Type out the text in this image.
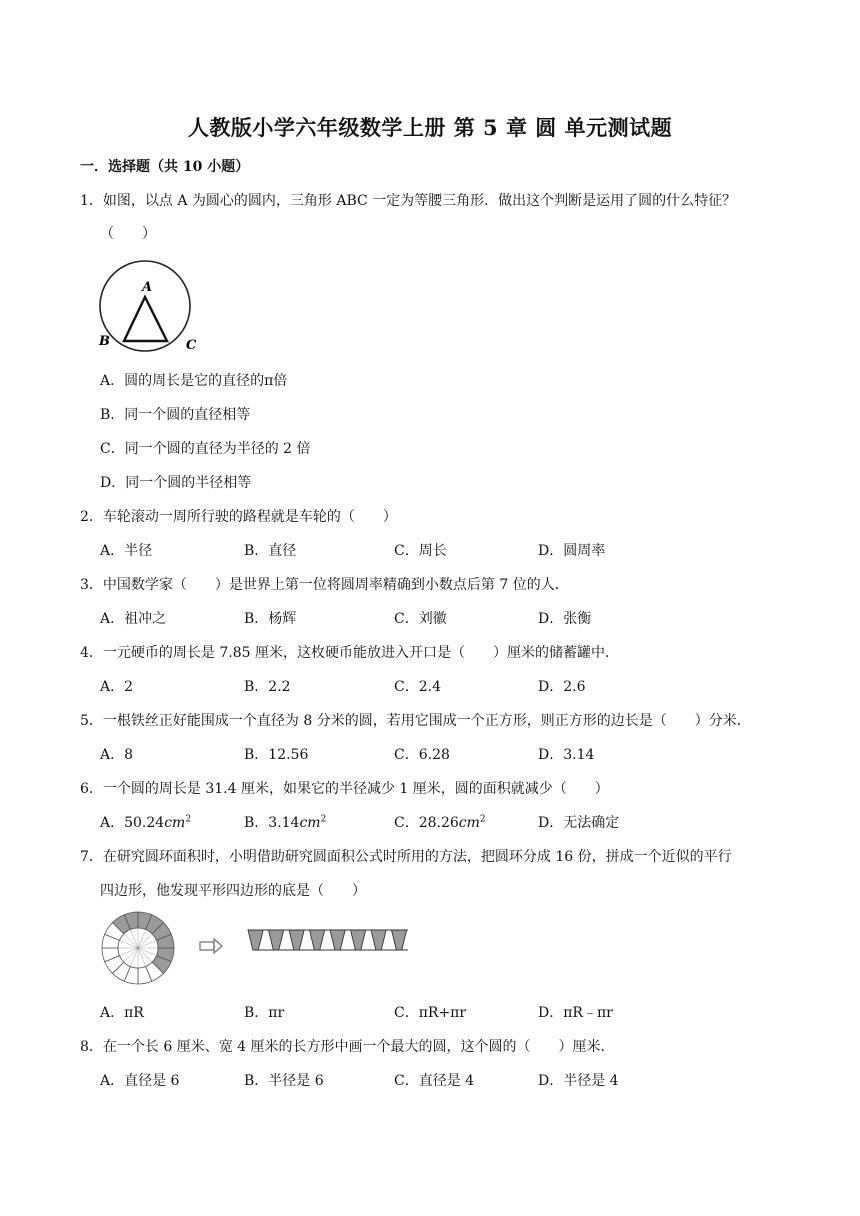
人教版小学六年级数学上册 第 5 章 圆 单元测试题
一．选择题（共 10 小题）
1．如图，以点 A 为圆心的圆内，三角形 ABC 一定为等腰三角形．做出这个判断是运用了圆的什么特征？
（　　）
A
B	C
A．圆的周长是它的直径的π倍
B．同一个圆的直径相等
C．同一个圆的直径为半径的 2 倍
D．同一个圆的半径相等
2．车轮滚动一周所行驶的路程就是车轮的（　　）
A．半径	B．直径	C．周长	D．圆周率
3．中国数学家（　　）是世界上第一位将圆周率精确到小数点后第 7 位的人．
A．祖冲之	B．杨辉	C．刘徽	D．张衡
4．一元硬币的周长是 7.85 厘米，这枚硬币能放进入开口是（　　）厘米的储蓄罐中．
A．2	B．2.2	C．2.4	D．2.6
5．一根铁丝正好能围成一个直径为 8 分米的圆，若用它围成一个正方形，则正方形的边长是（　　）分米．
A．8	B．12.56	C．6.28	D．3.14
6．一个圆的周长是 31.4 厘米，如果它的半径减少 1 厘米，圆的面积就减少（　　）
A．$50.24cm^2$	B．$3.14cm^2$	C．$28.26cm^2$	D．无法确定
7．在研究圆环面积时，小明借助研究圆面积公式时所用的方法，把圆环分成 16 份，拼成一个近似的平行
四边形，他发现平形四边形的底是（　　）
A．πR	B．πr	C．πR+πr	D．πR﹣πr
8．在一个长 6 厘米、宽 4 厘米的长方形中画一个最大的圆，这个圆的（　　）厘米．
A．直径是 6	B．半径是 6	C．直径是 4	D．半径是 4
